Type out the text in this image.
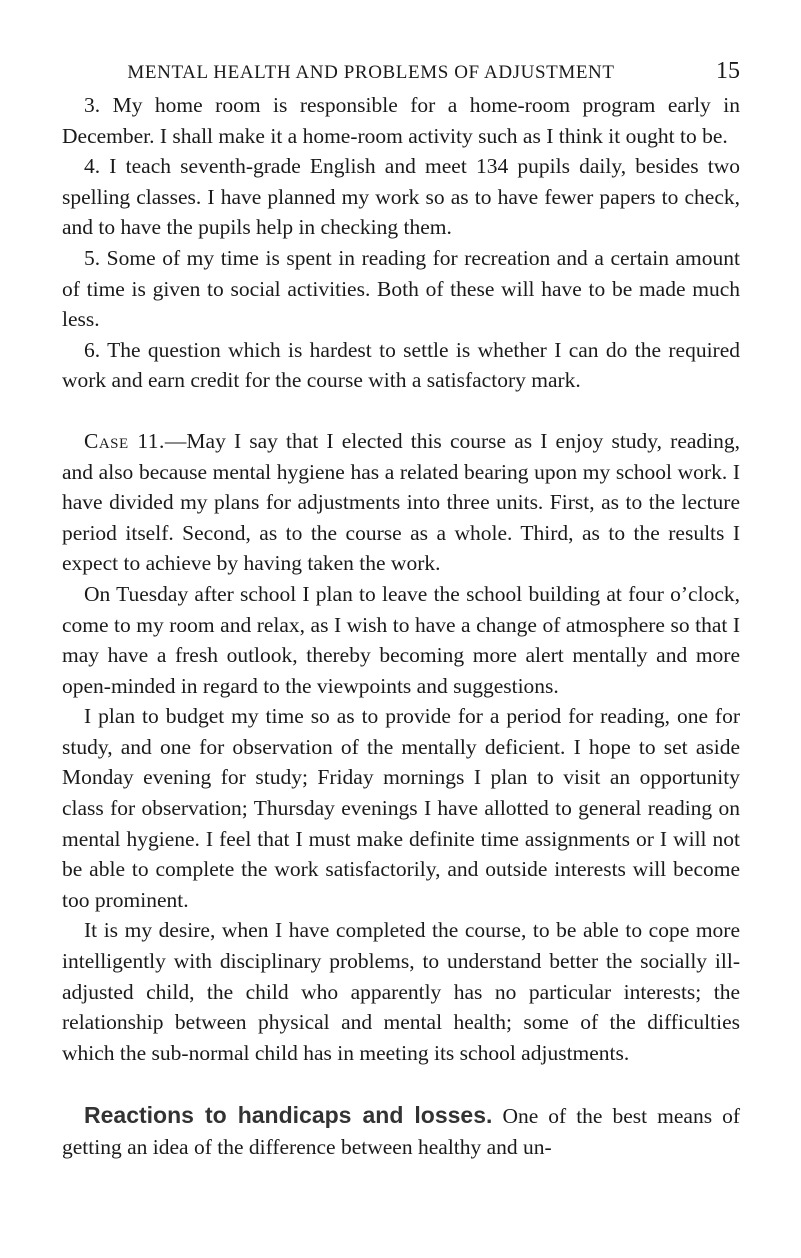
MENTAL HEALTH AND PROBLEMS OF ADJUSTMENT	15

3. My home room is responsible for a home-room program early in December. I shall make it a home-room activity such as I think it ought to be.

4. I teach seventh-grade English and meet 134 pupils daily, besides two spelling classes. I have planned my work so as to have fewer papers to check, and to have the pupils help in checking them.

5. Some of my time is spent in reading for recreation and a certain amount of time is given to social activities. Both of these will have to be made much less.

6. The question which is hardest to settle is whether I can do the required work and earn credit for the course with a satisfactory mark.

Case 11.—May I say that I elected this course as I enjoy study, reading, and also because mental hygiene has a related bearing upon my school work. I have divided my plans for adjustments into three units. First, as to the lecture period itself. Second, as to the course as a whole. Third, as to the results I expect to achieve by having taken the work.

On Tuesday after school I plan to leave the school building at four o’clock, come to my room and relax, as I wish to have a change of atmosphere so that I may have a fresh outlook, thereby becoming more alert mentally and more open-minded in regard to the viewpoints and suggestions.

I plan to budget my time so as to provide for a period for reading, one for study, and one for observation of the mentally deficient. I hope to set aside Monday evening for study; Friday mornings I plan to visit an opportunity class for observation; Thursday evenings I have allotted to general reading on mental hygiene. I feel that I must make definite time assignments or I will not be able to complete the work satisfactorily, and outside interests will become too prominent.

It is my desire, when I have completed the course, to be able to cope more intelligently with disciplinary problems, to understand better the socially ill-adjusted child, the child who apparently has no particular interests; the relationship between physical and mental health; some of the difficulties which the sub-normal child has in meeting its school adjustments.

Reactions to handicaps and losses. One of the best means of getting an idea of the difference between healthy and un-
